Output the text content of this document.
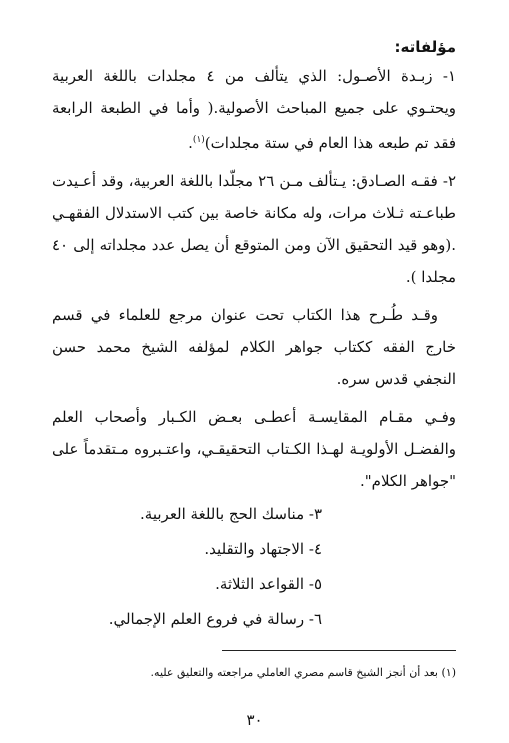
مؤلفاته:

١- زبـدة الأصـول: الذي يتألف من ٤ مجلدات باللغة العربية ويحتـوي على جميع المباحث الأصولية.( وأما في الطبعة الرابعة فقد تم طبعه هذا العام في ستة مجلدات)$^{(١)}$.

٢- فقـه الصـادق: يـتألف مـن ٢٦ مجلّدا باللغة العربية، وقد أعـيدت طباعـته ثـلاث مرات، وله مكانة خاصة بين كتب الاستدلال الفقهـي .(وهو قيد التحقيق الآن ومن المتوقع أن يصل عدد مجلداته إلى ٤٠ مجلدا ).

وقـد طُـرح هذا الكتاب تحت عنوان مرجع للعلماء في قسم خارج الفقه ككتاب جواهر الكلام لمؤلفه الشيخ محمد حسن النجفي قدس سره.

وفـي مقـام المقايسـة أعطـى بعـض الكـبار وأصحاب العلم والفضـل الأولويـة لهـذا الكـتاب التحقيقـي، واعتـبروه مـتقدماً على "جواهر الكلام".

٣- مناسك الحج باللغة العربية.
٤- الاجتهاد والتقليد.
٥- القواعد الثلاثة.
٦- رسالة في فروع العلم الإجمالي.
(١) بعد أن أنجز الشيخ قاسم مصري العاملي مراجعته والتعليق عليه.
٣٠
